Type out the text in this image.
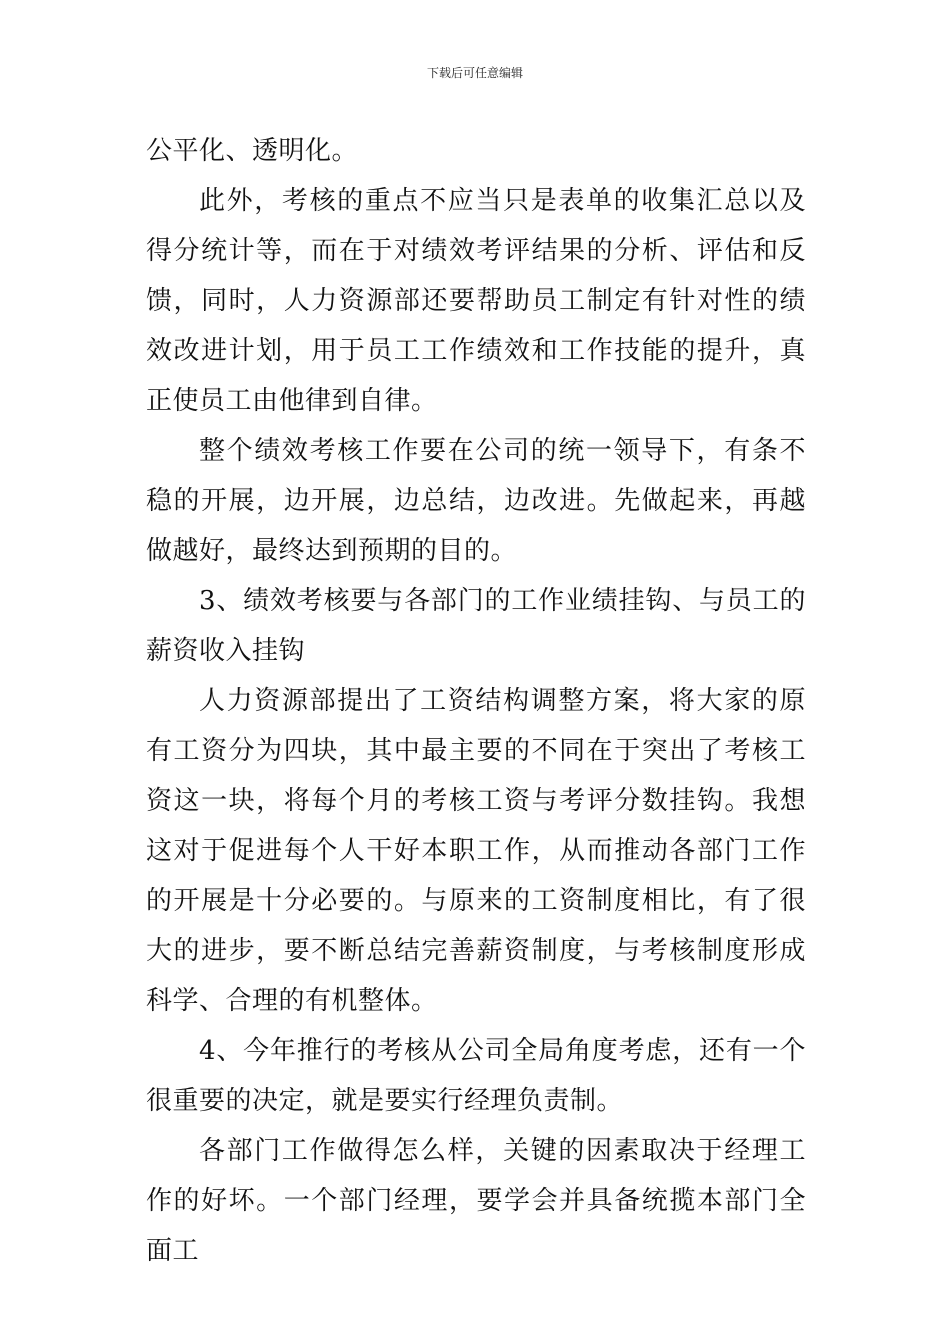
下载后可任意编辑

公平化、透明化。

此外，考核的重点不应当只是表单的收集汇总以及得分统计等，而在于对绩效考评结果的分析、评估和反馈，同时，人力资源部还要帮助员工制定有针对性的绩效改进计划，用于员工工作绩效和工作技能的提升，真正使员工由他律到自律。

整个绩效考核工作要在公司的统一领导下，有条不稳的开展，边开展，边总结，边改进。先做起来，再越做越好，最终达到预期的目的。

3、绩效考核要与各部门的工作业绩挂钩、与员工的薪资收入挂钩

人力资源部提出了工资结构调整方案，将大家的原有工资分为四块，其中最主要的不同在于突出了考核工资这一块，将每个月的考核工资与考评分数挂钩。我想这对于促进每个人干好本职工作，从而推动各部门工作的开展是十分必要的。与原来的工资制度相比，有了很大的进步，要不断总结完善薪资制度，与考核制度形成科学、合理的有机整体。

4、今年推行的考核从公司全局角度考虑，还有一个很重要的决定，就是要实行经理负责制。

各部门工作做得怎么样，关键的因素取决于经理工作的好坏。一个部门经理，要学会并具备统揽本部门全面工
